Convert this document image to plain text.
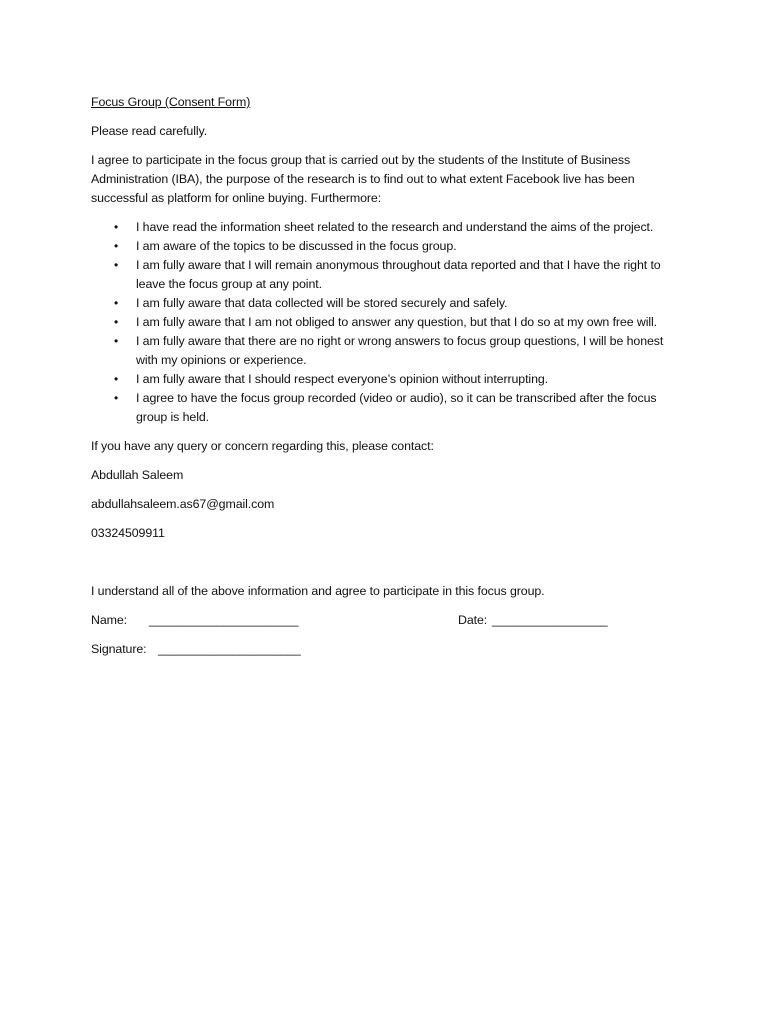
Focus Group (Consent Form)
Please read carefully.
I agree to participate in the focus group that is carried out by the students of the Institute of Business Administration (IBA), the purpose of the research is to find out to what extent Facebook live has been successful as platform for online buying. Furthermore:
• I have read the information sheet related to the research and understand the aims of the project.
• I am aware of the topics to be discussed in the focus group.
• I am fully aware that I will remain anonymous throughout data reported and that I have the right to leave the focus group at any point.
• I am fully aware that data collected will be stored securely and safely.
• I am fully aware that I am not obliged to answer any question, but that I do so at my own free will.
• I am fully aware that there are no right or wrong answers to focus group questions, I will be honest with my opinions or experience.
• I am fully aware that I should respect everyone’s opinion without interrupting.
• I agree to have the focus group recorded (video or audio), so it can be transcribed after the focus group is held.
If you have any query or concern regarding this, please contact:
Abdullah Saleem
abdullahsaleem.as67@gmail.com
03324509911
I understand all of the above information and agree to participate in this focus group.

Name:

______________________

	Date:

_________________

Signature:

_____________________
